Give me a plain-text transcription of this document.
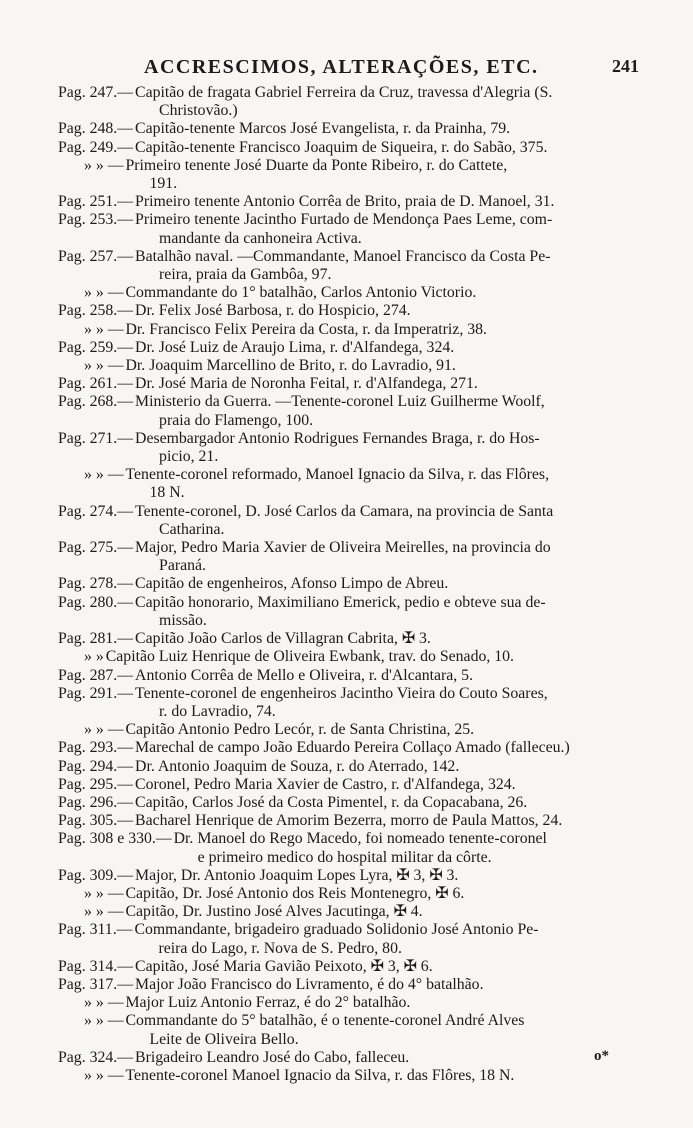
ACCRESCIMOS, ALTERAÇÕES, ETC.	241
Pag. 247.— Capitão de fragata Gabriel Ferreira da Cruz, travessa d'Alegria (S.
Christovão.)
Pag. 248.— Capitão-tenente Marcos José Evangelista, r. da Prainha, 79.
Pag. 249.— Capitão-tenente Francisco Joaquim de Siqueira, r. do Sabão, 375.
» » — Primeiro tenente José Duarte da Ponte Ribeiro, r. do Cattete,
191.
Pag. 251.— Primeiro tenente Antonio Corrêa de Brito, praia de D. Manoel, 31.
Pag. 253.— Primeiro tenente Jacintho Furtado de Mendonça Paes Leme, com-
mandante da canhoneira Activa.
Pag. 257.— Batalhão naval. —Commandante, Manoel Francisco da Costa Pe-
reira, praia da Gambôa, 97.
» » — Commandante do 1° batalhão, Carlos Antonio Victorio.
Pag. 258.— Dr. Felix José Barbosa, r. do Hospicio, 274.
» » — Dr. Francisco Felix Pereira da Costa, r. da Imperatriz, 38.
Pag. 259.— Dr. José Luiz de Araujo Lima, r. d'Alfandega, 324.
» » — Dr. Joaquim Marcellino de Brito, r. do Lavradio, 91.
Pag. 261.— Dr. José Maria de Noronha Feital, r. d'Alfandega, 271.
Pag. 268.— Ministerio da Guerra. —Tenente-coronel Luiz Guilherme Woolf,
praia do Flamengo, 100.
Pag. 271.— Desembargador Antonio Rodrigues Fernandes Braga, r. do Hos-
picio, 21.
» » — Tenente-coronel reformado, Manoel Ignacio da Silva, r. das Flôres,
18 N.
Pag. 274.— Tenente-coronel, D. José Carlos da Camara, na provincia de Santa
Catharina.
Pag. 275.— Major, Pedro Maria Xavier de Oliveira Meirelles, na provincia do
Paraná.
Pag. 278.— Capitão de engenheiros, Afonso Limpo de Abreu.
Pag. 280.— Capitão honorario, Maximiliano Emerick, pedio e obteve sua de-
missão.
Pag. 281.— Capitão João Carlos de Villagran Cabrita, ✠ 3.
» » Capitão Luiz Henrique de Oliveira Ewbank, trav. do Senado, 10.
Pag. 287.— Antonio Corrêa de Mello e Oliveira, r. d'Alcantara, 5.
Pag. 291.— Tenente-coronel de engenheiros Jacintho Vieira do Couto Soares,
r. do Lavradio, 74.
» » — Capitão Antonio Pedro Lecór, r. de Santa Christina, 25.
Pag. 293.— Marechal de campo João Eduardo Pereira Collaço Amado (falleceu.)
Pag. 294.— Dr. Antonio Joaquim de Souza, r. do Aterrado, 142.
Pag. 295.— Coronel, Pedro Maria Xavier de Castro, r. d'Alfandega, 324.
Pag. 296.— Capitão, Carlos José da Costa Pimentel, r. da Copacabana, 26.
Pag. 305.— Bacharel Henrique de Amorim Bezerra, morro de Paula Mattos, 24.
Pag. 308 e 330.— Dr. Manoel do Rego Macedo, foi nomeado tenente-coronel
e primeiro medico do hospital militar da côrte.
Pag. 309.— Major, Dr. Antonio Joaquim Lopes Lyra, ✠ 3, ✠ 3.
» » — Capitão, Dr. José Antonio dos Reis Montenegro, ✠ 6.
» » — Capitão, Dr. Justino José Alves Jacutinga, ✠ 4.
Pag. 311.— Commandante, brigadeiro graduado Solidonio José Antonio Pe-
reira do Lago, r. Nova de S. Pedro, 80.
Pag. 314.— Capitão, José Maria Gavião Peixoto, ✠ 3, ✠ 6.
Pag. 317.— Major João Francisco do Livramento, é do 4° batalhão.
» » — Major Luiz Antonio Ferraz, é do 2° batalhão.
» » — Commandante do 5° batalhão, é o tenente-coronel André Alves
Leite de Oliveira Bello.
Pag. 324.— Brigadeiro Leandro José do Cabo, falleceu.
» » — Tenente-coronel Manoel Ignacio da Silva, r. das Flôres, 18 N.
o*
